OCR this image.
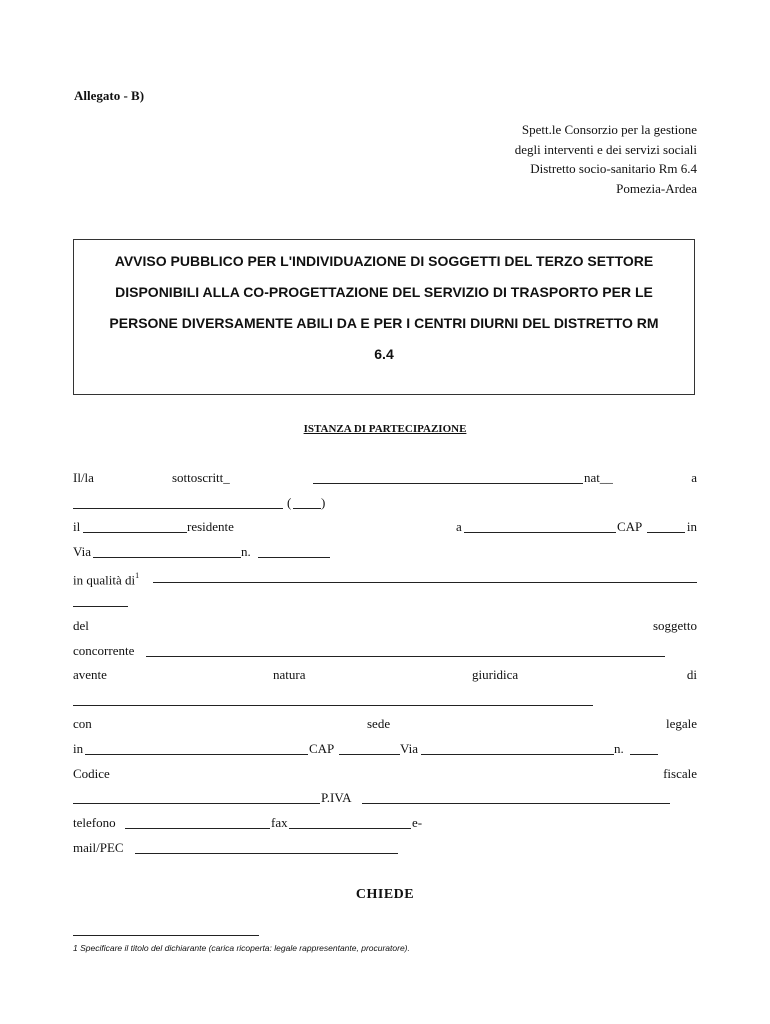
Allegato - B)
Spett.le Consorzio per la gestione
degli interventi e dei servizi sociali
Distretto socio-sanitario Rm 6.4
Pomezia-Ardea
AVVISO PUBBLICO PER L'INDIVIDUAZIONE DI SOGGETTI DEL TERZO SETTORE
DISPONIBILI ALLA CO-PROGETTAZIONE DEL SERVIZIO DI TRASPORTO PER LE
PERSONE DIVERSAMENTE ABILI DA E PER I CENTRI DIURNI DEL DISTRETTO RM
6.4
ISTANZA DI PARTECIPAZIONE
Il/la	sottoscritt_	nat__	a
( )
il	residente	a	CAP	in
Via	n.
in qualità $di^1$
del	soggetto
concorrente
avente	natura	giuridica	di
con	sede	legale
in	CAP	Via	n.
Codice	fiscale
P.IVA
telefono	fax	e-
mail/PEC
CHIEDE
1 Specificare il titolo del dichiarante (carica ricoperta: legale rappresentante, procuratore).
